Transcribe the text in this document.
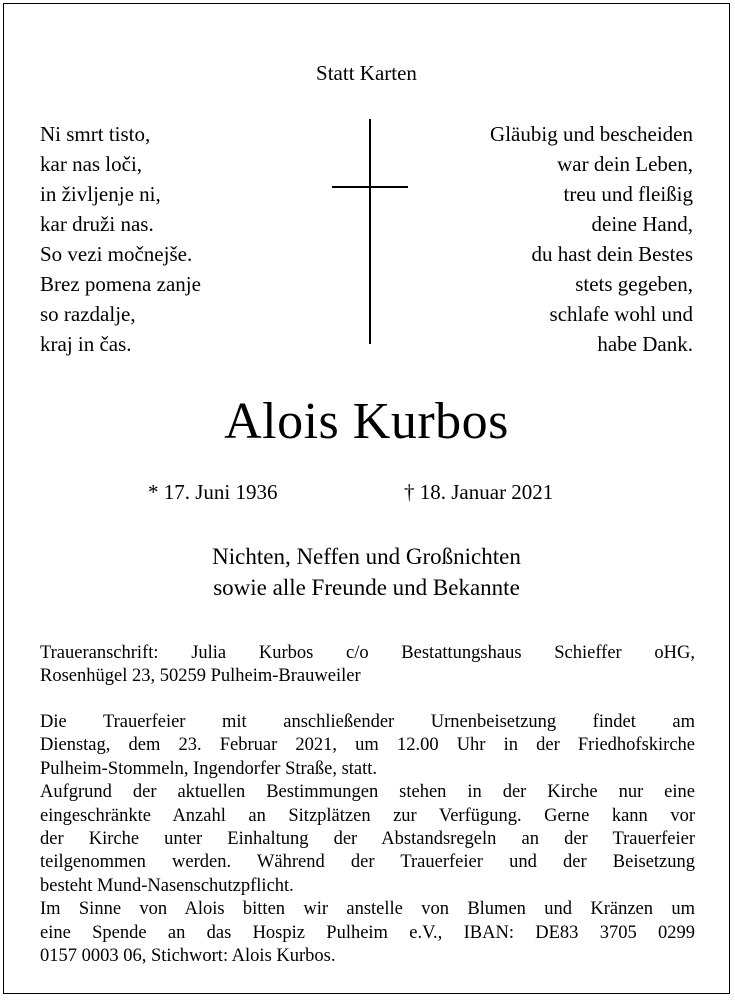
Statt Karten
Ni smrt tisto,
kar nas loči,
in življenje ni,
kar druži nas.
So vezi močnejše.
Brez pomena zanje
so razdalje,
kraj in čas.
Gläubig und bescheiden
war dein Leben,
treu und fleißig
deine Hand,
du hast dein Bestes
stets gegeben,
schlafe wohl und
habe Dank.
Alois Kurbos
* 17. Juni 1936	† 18. Januar 2021
Nichten, Neffen und Großnichten
sowie alle Freunde und Bekannte
Traueranschrift: Julia Kurbos c/o Bestattungshaus Schieffer oHG,
Rosenhügel 23, 50259 Pulheim-Brauweiler
Die Trauerfeier mit anschließender Urnenbeisetzung findet am
Dienstag, dem 23. Februar 2021, um 12.00 Uhr in der Friedhofskirche
Pulheim-Stommeln, Ingendorfer Straße, statt.
Aufgrund der aktuellen Bestimmungen stehen in der Kirche nur eine
eingeschränkte Anzahl an Sitzplätzen zur Verfügung. Gerne kann vor
der Kirche unter Einhaltung der Abstandsregeln an der Trauerfeier
teilgenommen werden. Während der Trauerfeier und der Beisetzung
besteht Mund-Nasenschutzpflicht.
Im Sinne von Alois bitten wir anstelle von Blumen und Kränzen um
eine Spende an das Hospiz Pulheim e.V., IBAN: DE83 3705 0299
0157 0003 06, Stichwort: Alois Kurbos.
